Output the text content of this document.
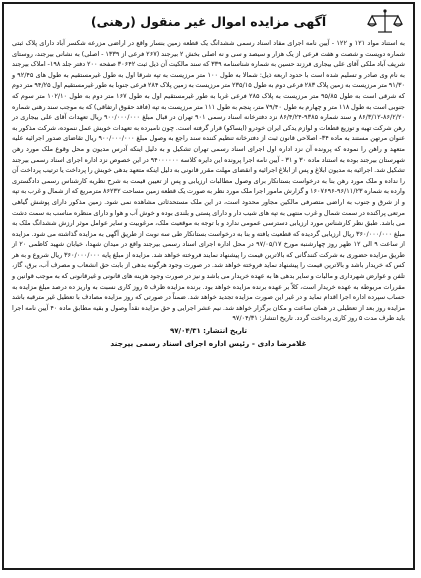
آگهی مزایده اموال غیر منقول (رهنی)

به استناد مواد ۱۲۱ و ۱۲۲ - آیین نامه اجرای مفاد اسناد رسمی ششدانگ یک قطعه زمین بنسار واقع در اراضی مزرعه شکسر آباد دارای پلاک ثبتی شماره دویست و شصت و هفت فرعی از یک هزار و سیصد و سی و نه اصلی بخش ۲ بیرجند (۲۶۷ فرعی از ۱۳۳۹ - اصلی) به نشانی بیرجند، روستای شریف آباد ملکی آقای علی بیجاری فرزند حسین به شماره شناسنامه ۳۳۹ که سند مالکیت آن ذیل ثبت ۳۰۶۴۲ صفحه ۲۰۰ دفتر جلد ۱۹۸- املاک بیرجند به نام وی صادر و تسلیم شده است با حدود اربعه ذیل: شمالا به طول ۱۰۰ متر مرزیست به تپه شرقا اول به طول غیرمستقیم به طول های ۹۲/۴۵ و ۹۱/۳۰ متر مرزیست به زمین پلاک ۲۸۳ فرعی دوم به طول ۲۳۵/۱۵ متر مرزیست به زمین پلاک ۲۸۴ فرعی جنوبا به طور غیرمستقیم اول ۹۴/۲۵ متر دوم که شرقی است به طول ۹۵/۸۵ متر مرزیست به پلاک ۲۸۵ فرعی غربا به طور غیرمستقیم اول به طول ۱۶۷ متر دوم به طول ۱۰۲/۱۰ متر سوم که جنوبی است به طول ۱۱۸ متر و چهارم به طول ۷۹/۴۰ متر، پنجم به طول ۱۱۱ متر مرزیست به تپه (فاقد حقوق ارتفاقی) که به موجب سند رهنی شماره ۸۶/۲/۲۰-۸۶/۳/۱۲ و سند شماره ۹۳۸۵-۸۶/۴/۲۴ نزد دفترخانه اسناد رسمی ۹۰۱ تهران در قبال مبلغ ۹۰۰/۰۰۰/۰۰۰ ریال تعهدات آقای علی بیجاری در رهن شرکت تهیه و توزیع قطعات و لوازم یدکی ایران خودرو (ایساکو) قرار گرفته است. چون نامبرده به تعهدات خویش عمل ننموده، شرکت مذکور به عنوان مرتهن مستند به ماده ۳۴- اصلاحی قانون ثبت از دفترخانه تنظیم کننده سند راجع به وصول مبلغ ۹۰۰/۰۰۰/۰۰۰ ریال تقاضای صدور اجرائیه علیه متعهد و راهن را نموده که پرونده آن نزد اداره اول اجرای اسناد رسمی تهران تشکیل و به دلیل اینکه آدرس مدیون و محل وقوع ملک مورد رهن شهرستان بیرجند بوده به استناد ماده ۳۰ و ۳۱ - آیین نامه اجرا پرونده این دایره کلاسه ۹۴۰۰۰۰۰۰ در این خصوص نزد اداره اجرای اسناد رسمی بیرجند تشکیل شد. اجرائیه به مدیون ابلاغ و پس از ابلاغ اجرائیه و انقضای مهلت مقرر قانونی به دلیل اینکه متعهد بدهی خویش را پرداخت یا ترتیب پرداخت آن را نداده و ملک مورد رهن بنا به درخواست بستانکار برای وصول مطالبات ارزیابی و پس از تعیین قیمت به شرح نظریه کارشناس رسمی دادگستری وارده به شماره ۹۶/۱۱/۲۳-۱۶۰۷۶۹۶ و گزارش مامور اجرا ملک مورد نظر به صورت یک قطعه زمین مساحت ۸۶۲۳۲ مترمربع که از شمال و غرب به تپه و از شرق و جنوب به اراضی متصرفی مالکین مجاور محدود است، در این ملک مستحدثاتی مشاهده نمی شود. زمین مذکور دارای پوشش گیاهی مرتعی پراکنده در سمت شمال و غرب منتهی به تپه های شیب دار و دارای پستی و بلندی بوده و خوش آب و هوا و دارای منظره مناسب به سمت دشت می باشد. طبق نظر کارشناس مورد ارزیابی دسترسی عمومی ندارد و با توجه به موقعیت ملک، مرغوبیت و سایر عوامل موثر ارزش ششدانگ ملک به مبلغ ۳۶۰/۰۰۰/۰۰۰ ریال ارزیابی گردیده که قطعیت یافته و بنا به درخواست بستانکار طی سه نوبت از طریق آگهی به مزایده گذاشته می شود. مزایده از ساعت ۹ الی ۱۲ ظهر روز چهارشنبه مورخ ۹۷/۰۵/۱۷ در محل اداره اجرای اسناد رسمی بیرجند واقع در میدان شهدا، خیابان شهید کاظمی ۲۰ از طریق مزایده حضوری به شرکت کنندگانی که بالاترین قیمت را پیشنهاد نمایند فروخته خواهد شد. مزایده از مبلغ پایه ۳۶۰/۰۰۰/۰۰۰ ریال شروع و به هر کس که خریدار باشد و بالاترین قیمت را پیشنهاد نماید فروخته خواهد شد. در صورت وجود هرگونه بدهی از بابت حق انشعاب و مصرف آب، برق، گاز، تلفن و عوارض شهرداری و مالیات و سایر بدهی ها به عهده خریدار می باشد و نیز در صورت وجود هزینه های قانونی و غیرقانونی که به موجب قوانین و مقررات مربوطه به عهده خریدار است، کلاً بر عهده برنده مزایده خواهد بود. برنده مزایده ظرف ۵ روز کاری نسبت به واریز ده درصد مبلغ مزایده به حساب سپرده اداره اجرا اقدام نماید و در غیر این صورت مزایده تجدید خواهد شد. ضمناً در صورتی که روز مزایده مصادف با تعطیل غیر مترقبه باشد مزایده روز بعد از تعطیلی در همان ساعت و مکان برگزار خواهد شد. نیم عشر اجرایی و حق مزایده نقداً وصول و بقیه مطابق ماده ۴۰ آیین نامه اجرا باید ظرف مدت ۵ روز کاری پرداخت گردد. تاریخ انتشار: ۹۷/۰۴/۳۱

تاریخ انتشار: ۹۷/۰۴/۳۱
غلامرضا دادی - رئیس اداره اجرای اسناد رسمی بیرجند
